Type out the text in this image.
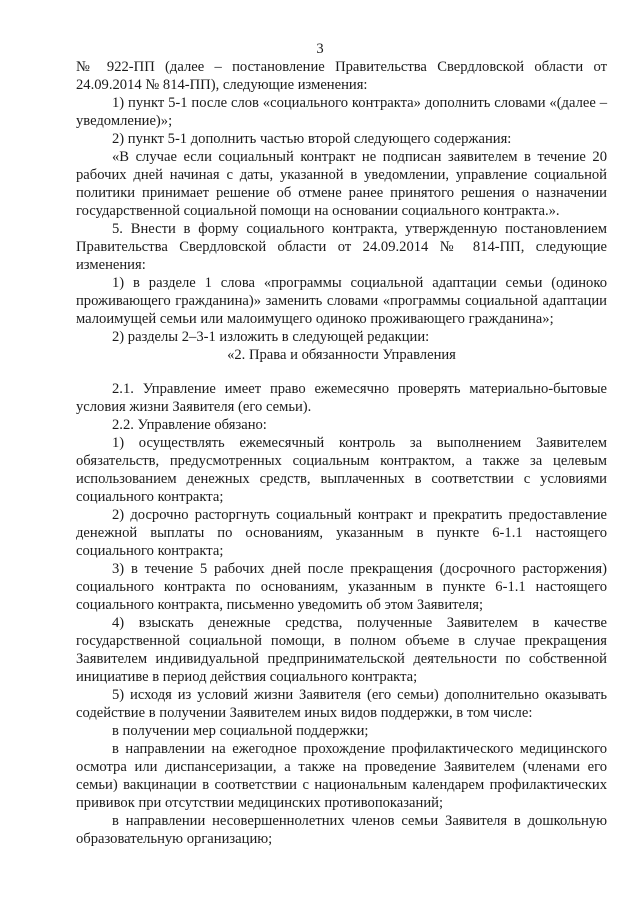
3

№ 922-ПП (далее – постановление Правительства Свердловской области от 24.09.2014 № 814-ПП), следующие изменения:

1) пункт 5-1 после слов «социального контракта» дополнить словами «(далее – уведомление)»;

2) пункт 5-1 дополнить частью второй следующего содержания:

«В случае если социальный контракт не подписан заявителем в течение 20 рабочих дней начиная с даты, указанной в уведомлении, управление социальной политики принимает решение об отмене ранее принятого решения о назначении государственной социальной помощи на основании социального контракта.».

5. Внести в форму социального контракта, утвержденную постановлением Правительства Свердловской области от 24.09.2014 № 814-ПП, следующие изменения:

1) в разделе 1 слова «программы социальной адаптации семьи (одиноко проживающего гражданина)» заменить словами «программы социальной адаптации малоимущей семьи или малоимущего одиноко проживающего гражданина»;

2) разделы 2–3-1 изложить в следующей редакции:

«2. Права и обязанности Управления

2.1. Управление имеет право ежемесячно проверять материально-бытовые условия жизни Заявителя (его семьи).

2.2. Управление обязано:

1) осуществлять ежемесячный контроль за выполнением Заявителем обязательств, предусмотренных социальным контрактом, а также за целевым использованием денежных средств, выплаченных в соответствии с условиями социального контракта;

2) досрочно расторгнуть социальный контракт и прекратить предоставление денежной выплаты по основаниям, указанным в пункте 6-1.1 настоящего социального контракта;

3) в течение 5 рабочих дней после прекращения (досрочного расторжения) социального контракта по основаниям, указанным в пункте 6-1.1 настоящего социального контракта, письменно уведомить об этом Заявителя;

4) взыскать денежные средства, полученные Заявителем в качестве государственной социальной помощи, в полном объеме в случае прекращения Заявителем индивидуальной предпринимательской деятельности по собственной инициативе в период действия социального контракта;

5) исходя из условий жизни Заявителя (его семьи) дополнительно оказывать содействие в получении Заявителем иных видов поддержки, в том числе:

в получении мер социальной поддержки;

в направлении на ежегодное прохождение профилактического медицинского осмотра или диспансеризации, а также на проведение Заявителем (членами его семьи) вакцинации в соответствии с национальным календарем профилактических прививок при отсутствии медицинских противопоказаний;

в направлении несовершеннолетних членов семьи Заявителя в дошкольную образовательную организацию;
